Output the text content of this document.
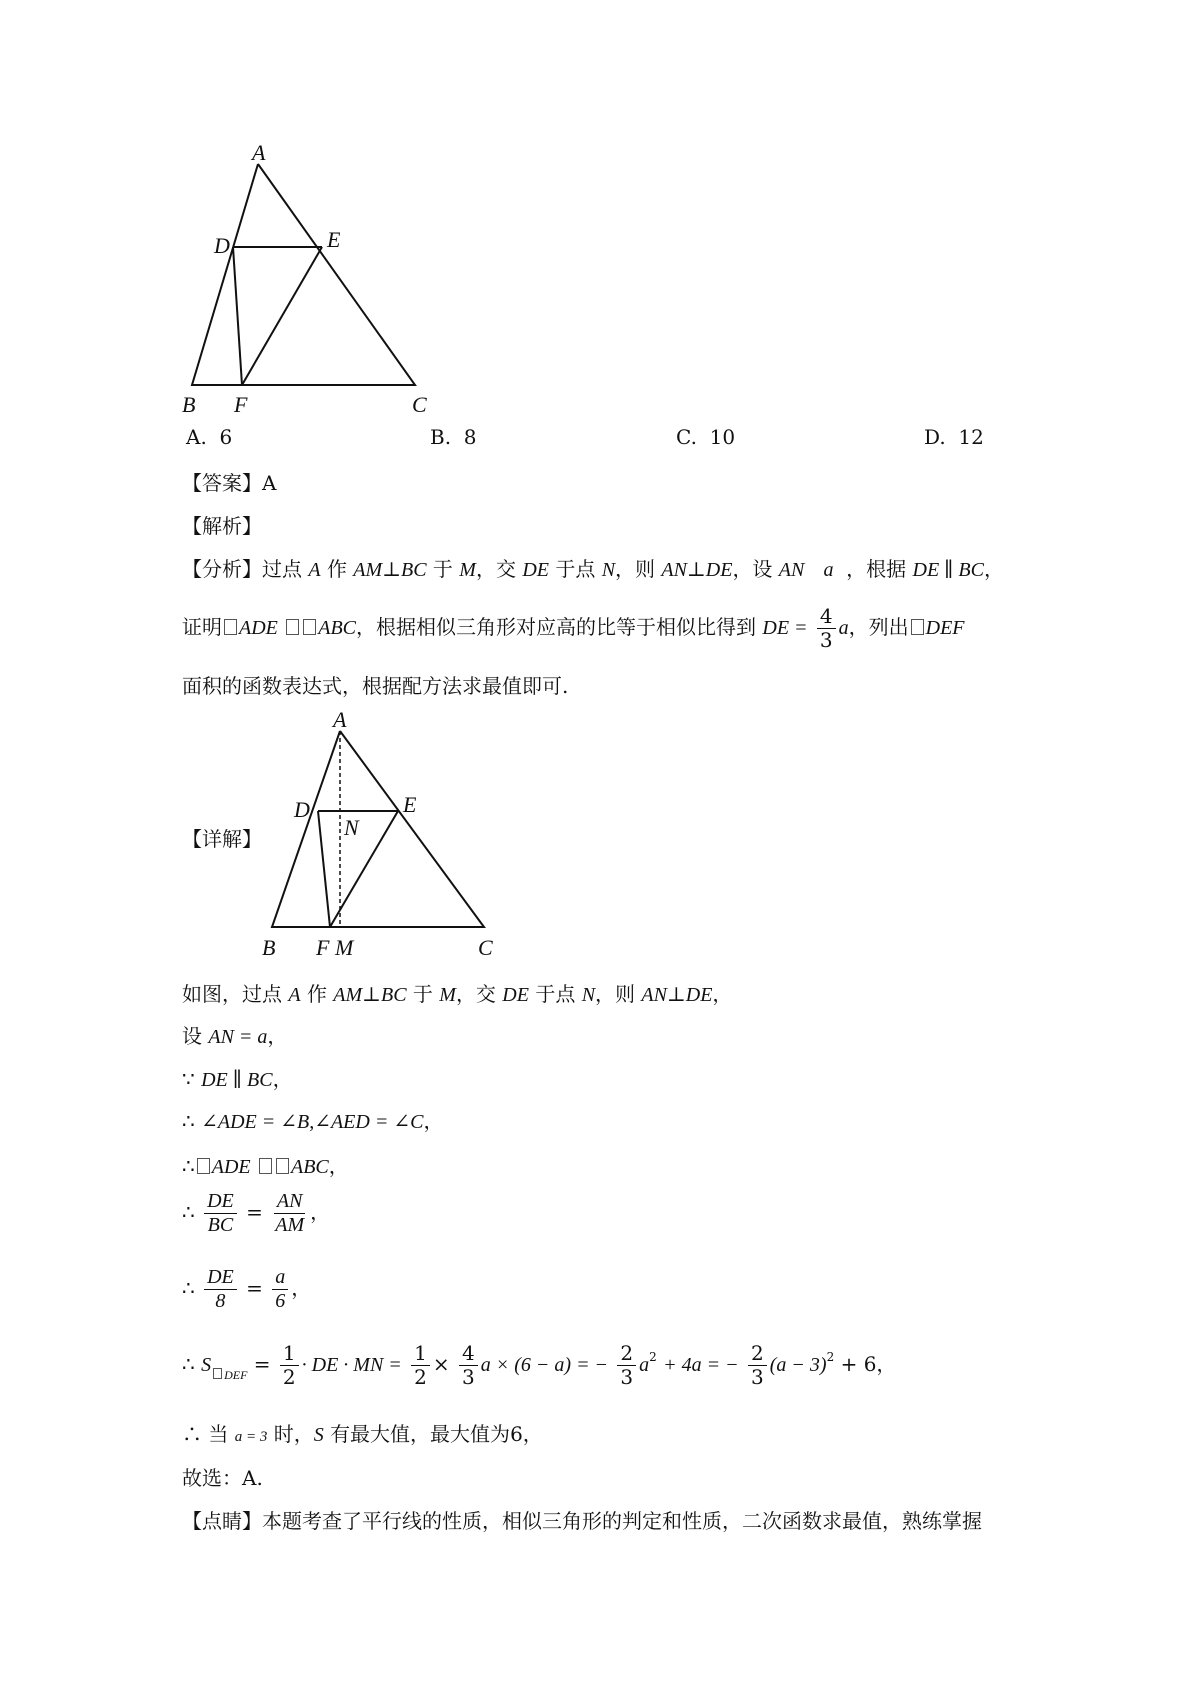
A
D	E
B F	C
A. 6	B. 8	C. 10	D. 12
【答案】A
【解析】
【分析】过点 A 作 AM⊥BC 于 M，交 DE 于点 N，则 AN⊥DE，设 AN a ，根据 DE ∥ BC，
证明 ADE ABC，根据相似三角形对应高的比等于相似比得到 DE = $\frac{4}{3}$ a，列出 DEF
面积的函数表达式，根据配方法求最值即可.
A
D	E
N
B F M	C
【详解】
如图，过点 A 作 AM⊥BC 于 M，交 DE 于点 N，则 AN⊥DE，
设 AN = a，
∵ DE ∥ BC，
∴ ∠ADE = ∠B,∠AED = ∠C，
∴ ADE ABC，
∴ $\frac{DE}{BC} = \frac{AN}{AM}$ ，
∴ $\frac{DE}{8} = \frac{a}{6}$ ，
∴ S $_{DEF} = \frac{1}{2}$ · DE · MN = $\frac{1}{2} \times \frac{4}{3}$ a × (6 − a) = − $\frac{2}{3} a^2 + 4a$ = − $\frac{2}{3} (a - 3)^2 + 6$，
∴ 当 a = 3 时，S 有最大值，最大值为6，
故选：A.
【点睛】本题考查了平行线的性质，相似三角形的判定和性质，二次函数求最值，熟练掌握
